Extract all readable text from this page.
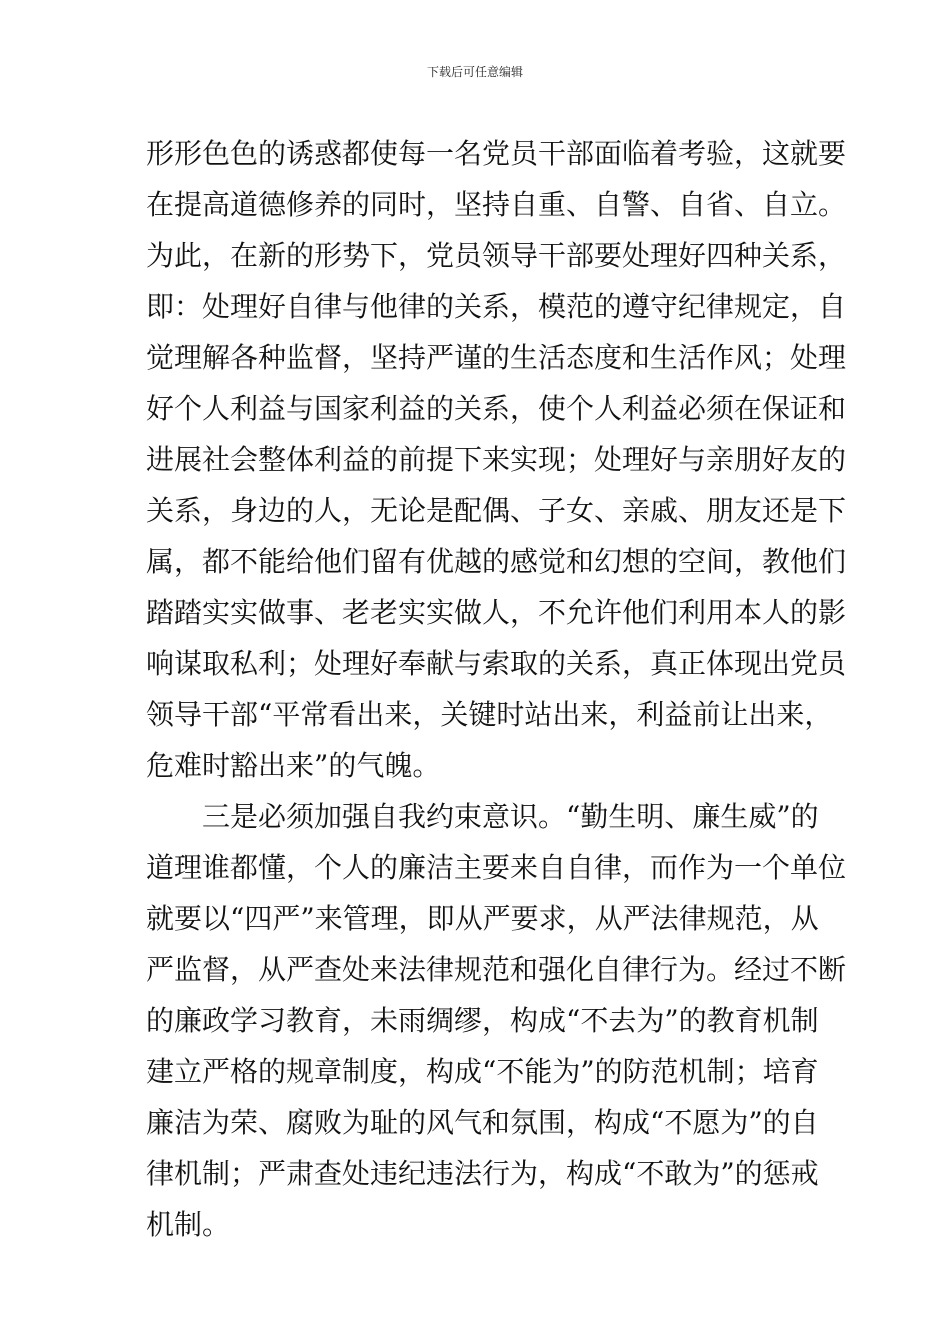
下载后可任意编辑
形形色色的诱惑都使每一名党员干部面临着考验，这就要
在提高道德修养的同时，坚持自重、自警、自省、自立。
为此，在新的形势下，党员领导干部要处理好四种关系，
即：处理好自律与他律的关系，模范的遵守纪律规定，自
觉理解各种监督，坚持严谨的生活态度和生活作风；处理
好个人利益与国家利益的关系，使个人利益必须在保证和
进展社会整体利益的前提下来实现；处理好与亲朋好友的
关系，身边的人，无论是配偶、子女、亲戚、朋友还是下
属，都不能给他们留有优越的感觉和幻想的空间，教他们
踏踏实实做事、老老实实做人，不允许他们利用本人的影
响谋取私利；处理好奉献与索取的关系，真正体现出党员
领导干部“平常看出来，关键时站出来，利益前让出来，
危难时豁出来”的气魄。
　　三是必须加强自我约束意识。“勤生明、廉生威”的
道理谁都懂，个人的廉洁主要来自自律，而作为一个单位
就要以“四严”来管理，即从严要求，从严法律规范，从
严监督，从严查处来法律规范和强化自律行为。经过不断
的廉政学习教育，未雨绸缪，构成“不去为”的教育机制
建立严格的规章制度，构成“不能为”的防范机制；培育
廉洁为荣、腐败为耻的风气和氛围，构成“不愿为”的自
律机制；严肃查处违纪违法行为，构成“不敢为”的惩戒
机制。
